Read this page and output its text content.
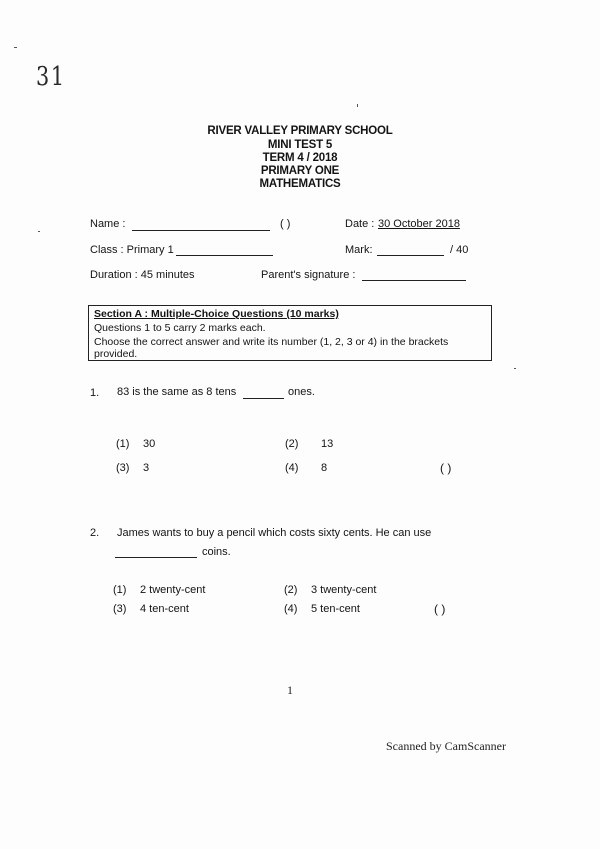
31
RIVER VALLEY PRIMARY SCHOOL
MINI TEST 5
TERM 4 / 2018
PRIMARY ONE
MATHEMATICS
Name :	( )	Date : 30 October 2018
Class : Primary 1	Mark:	/ 40
Duration : 45 minutes	Parent's signature :
Section A : Multiple-Choice Questions (10 marks)
Questions 1 to 5 carry 2 marks each.
Choose the correct answer and write its number (1, 2, 3 or 4) in the brackets
provided.
1. 83 is the same as 8 tens	ones.
(1) 30	(2) 13
(3) 3	(4) 8	( )
2. James wants to buy a pencil which costs sixty cents. He can use
coins.
(1) 2 twenty-cent	(2) 3 twenty-cent
(3) 4 ten-cent	(4) 5 ten-cent	( )
1
Scanned by CamScanner
